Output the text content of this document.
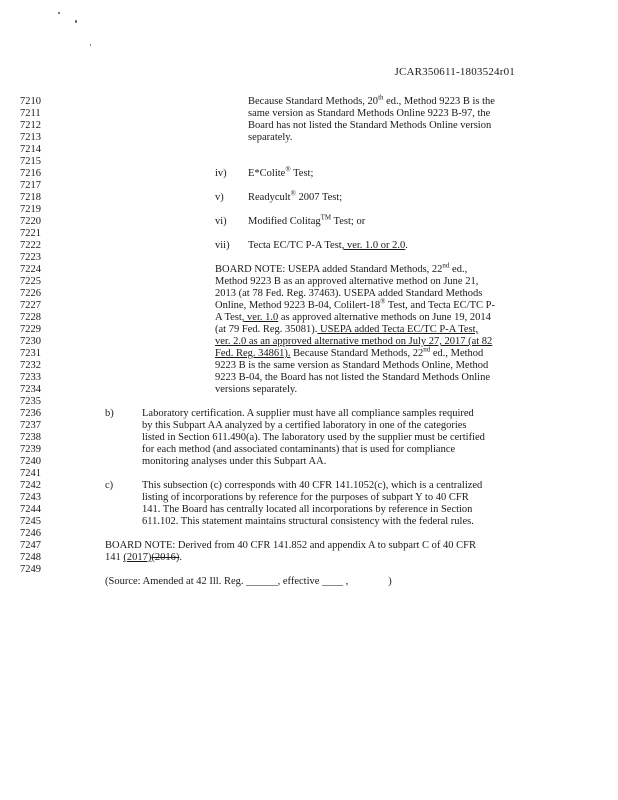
JCAR350611-1803524r01
7210
7211
7212
7213
7214
7215
7216
7217
7218
7219
7220
7221
7222
7223
7224
7225
7226
7227
7228
7229
7230
7231
7232
7233
7234
7235
7236
7237
7238
7239
7240
7241
7242
7243
7244
7245
7246
7247
7248
7249
Because Standard Methods, 20th ed., Method 9223 B is the
same version as Standard Methods Online 9223 B-97, the
Board has not listed the Standard Methods Online version
separately.
iv) E*Colite® Test;
v) Readycult® 2007 Test;
vi) Modified Colitag™ Test; or
vii) Tecta EC/TC P-A Test, ver. 1.0 or 2.0.
BOARD NOTE: USEPA added Standard Methods, 22nd ed.,
Method 9223 B as an approved alternative method on June 21,
2013 (at 78 Fed. Reg. 37463). USEPA added Standard Methods
Online, Method 9223 B-04, Colilert-18® Test, and Tecta EC/TC P-
A Test, ver. 1.0 as approved alternative methods on June 19, 2014
(at 79 Fed. Reg. 35081). USEPA added Tecta EC/TC P-A Test,
ver. 2.0 as an approved alternative method on July 27, 2017 (at 82
Fed. Reg. 34861). Because Standard Methods, 22nd ed., Method
9223 B is the same version as Standard Methods Online, Method
9223 B-04, the Board has not listed the Standard Methods Online
versions separately.
b)	Laboratory certification. A supplier must have all compliance samples required
by this Subpart AA analyzed by a certified laboratory in one of the categories
listed in Section 611.490(a). The laboratory used by the supplier must be certified
for each method (and associated contaminants) that is used for compliance
monitoring analyses under this Subpart AA.
c)	This subsection (c) corresponds with 40 CFR 141.1052(c), which is a centralized
listing of incorporations by reference for the purposes of subpart Y to 40 CFR
141. The Board has centrally located all incorporations by reference in Section
611.102. This statement maintains structural consistency with the federal rules.
BOARD NOTE: Derived from 40 CFR 141.852 and appendix A to subpart C of 40 CFR
141 (2017)(2016).
(Source: Amended at 42 Ill. Reg. ______, effective ____ ,	)
